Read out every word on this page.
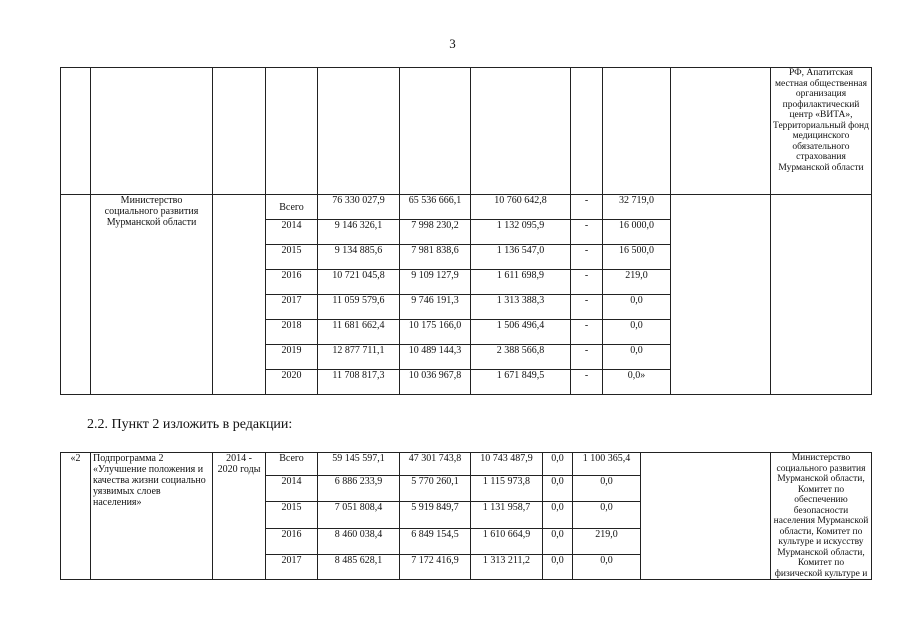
3
										РФ, Апатитская местная общественная организация профилактический центр «ВИТА», Территориальный фонд медицинского обязательного страхования Мурманской области
	Министерство социального развития Мурманской области		Всего	76 330 027,9	65 536 666,1	10 760 642,8	-	32 719,0		
			2014	9 146 326,1	7 998 230,2	1 132 095,9	-	16 000,0		
			2015	9 134 885,6	7 981 838,6	1 136 547,0	-	16 500,0		
			2016	10 721 045,8	9 109 127,9	1 611 698,9	-	219,0		
			2017	11 059 579,6	9 746 191,3	1 313 388,3	-	0,0		
			2018	11 681 662,4	10 175 166,0	1 506 496,4	-	0,0		
			2019	12 877 711,1	10 489 144,3	2 388 566,8	-	0,0		
			2020	11 708 817,3	10 036 967,8	1 671 849,5	-	0,0»		
2.2. Пункт 2 изложить в редакции:
«2	Подпрограмма 2 «Улучшение положения и качества жизни социально уязвимых слоев населения»	2014 - 2020 годы	Всего	59 145 597,1	47 301 743,8	10 743 487,9	0,0	1 100 365,4		Министерство социального развития Мурманской области, Комитет по обеспечению безопасности населения Мурманской области, Комитет по культуре и искусству Мурманской области, Комитет по физической культуре и
			2014	6 886 233,9	5 770 260,1	1 115 973,8	0,0	0,0		
			2015	7 051 808,4	5 919 849,7	1 131 958,7	0,0	0,0		
			2016	8 460 038,4	6 849 154,5	1 610 664,9	0,0	219,0		
			2017	8 485 628,1	7 172 416,9	1 313 211,2	0,0	0,0		
